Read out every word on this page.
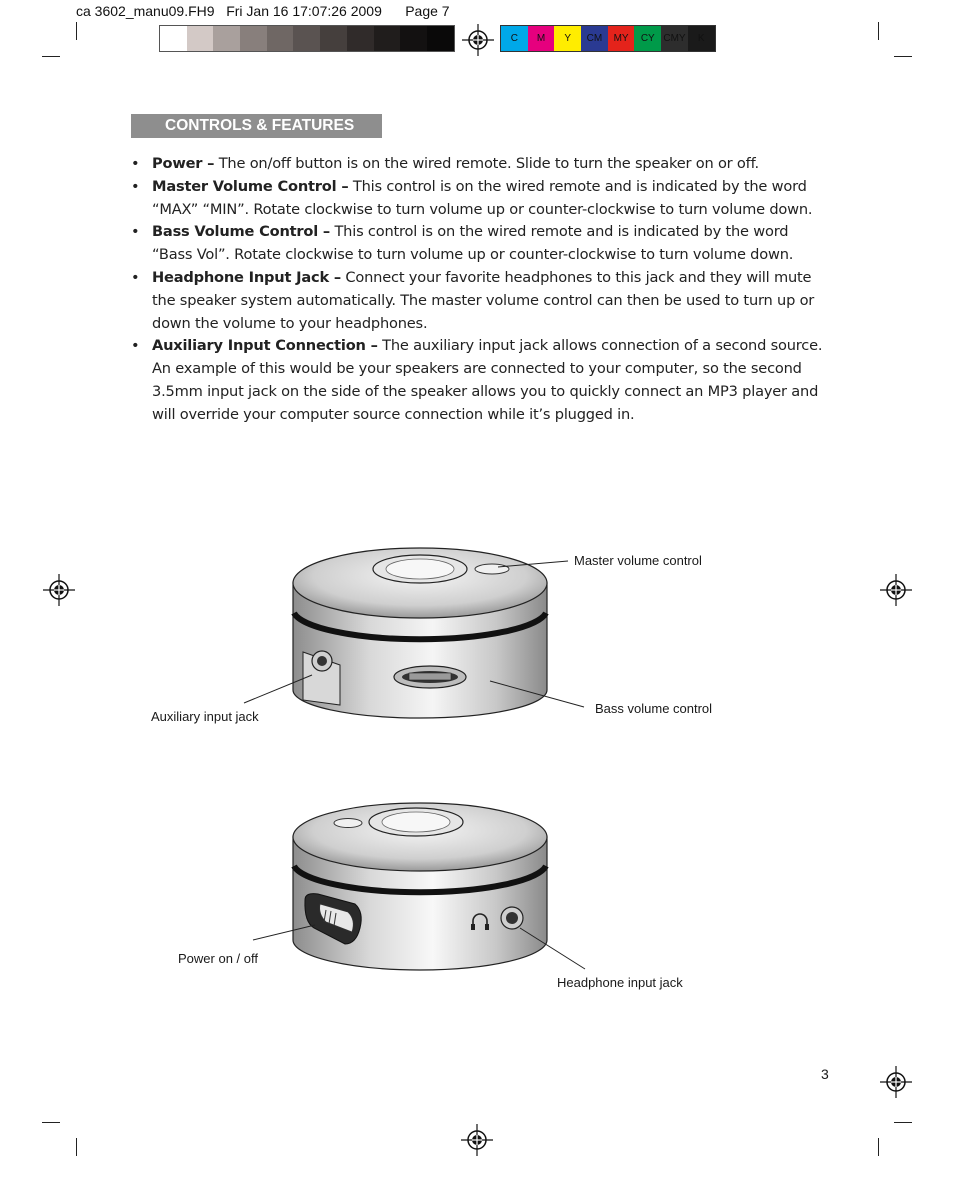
ca 3602_manu09.FH9   Fri Jan 16 17:07:26 2009      Page 7
C	M	Y	CM	MY	CY CMY	K
CONTROLS & FEATURES
• Power – The on/off button is on the wired remote. Slide to turn the speaker on or off.
• Master Volume Control – This control is on the wired remote and is indicated by the word “MAX” “MIN”. Rotate clockwise to turn volume up or counter-clockwise to turn volume down.
• Bass Volume Control – This control is on the wired remote and is indicated by the word “Bass Vol”. Rotate clockwise to turn volume up or counter-clockwise to turn volume down.
• Headphone Input Jack – Connect your favorite headphones to this jack and they will mute the speaker system automatically. The master volume control can then be used to turn up or down the volume to your headphones.
• Auxiliary Input Connection – The auxiliary input jack allows connection of a second source. An example of this would be your speakers are connected to your computer, so the second 3.5mm input jack on the side of the speaker allows you to quickly connect an MP3 player and will override your computer source connection while it’s plugged in.
Master volume control
Auxiliary input jack
Bass volume control
Power on / off
Headphone input jack
3
